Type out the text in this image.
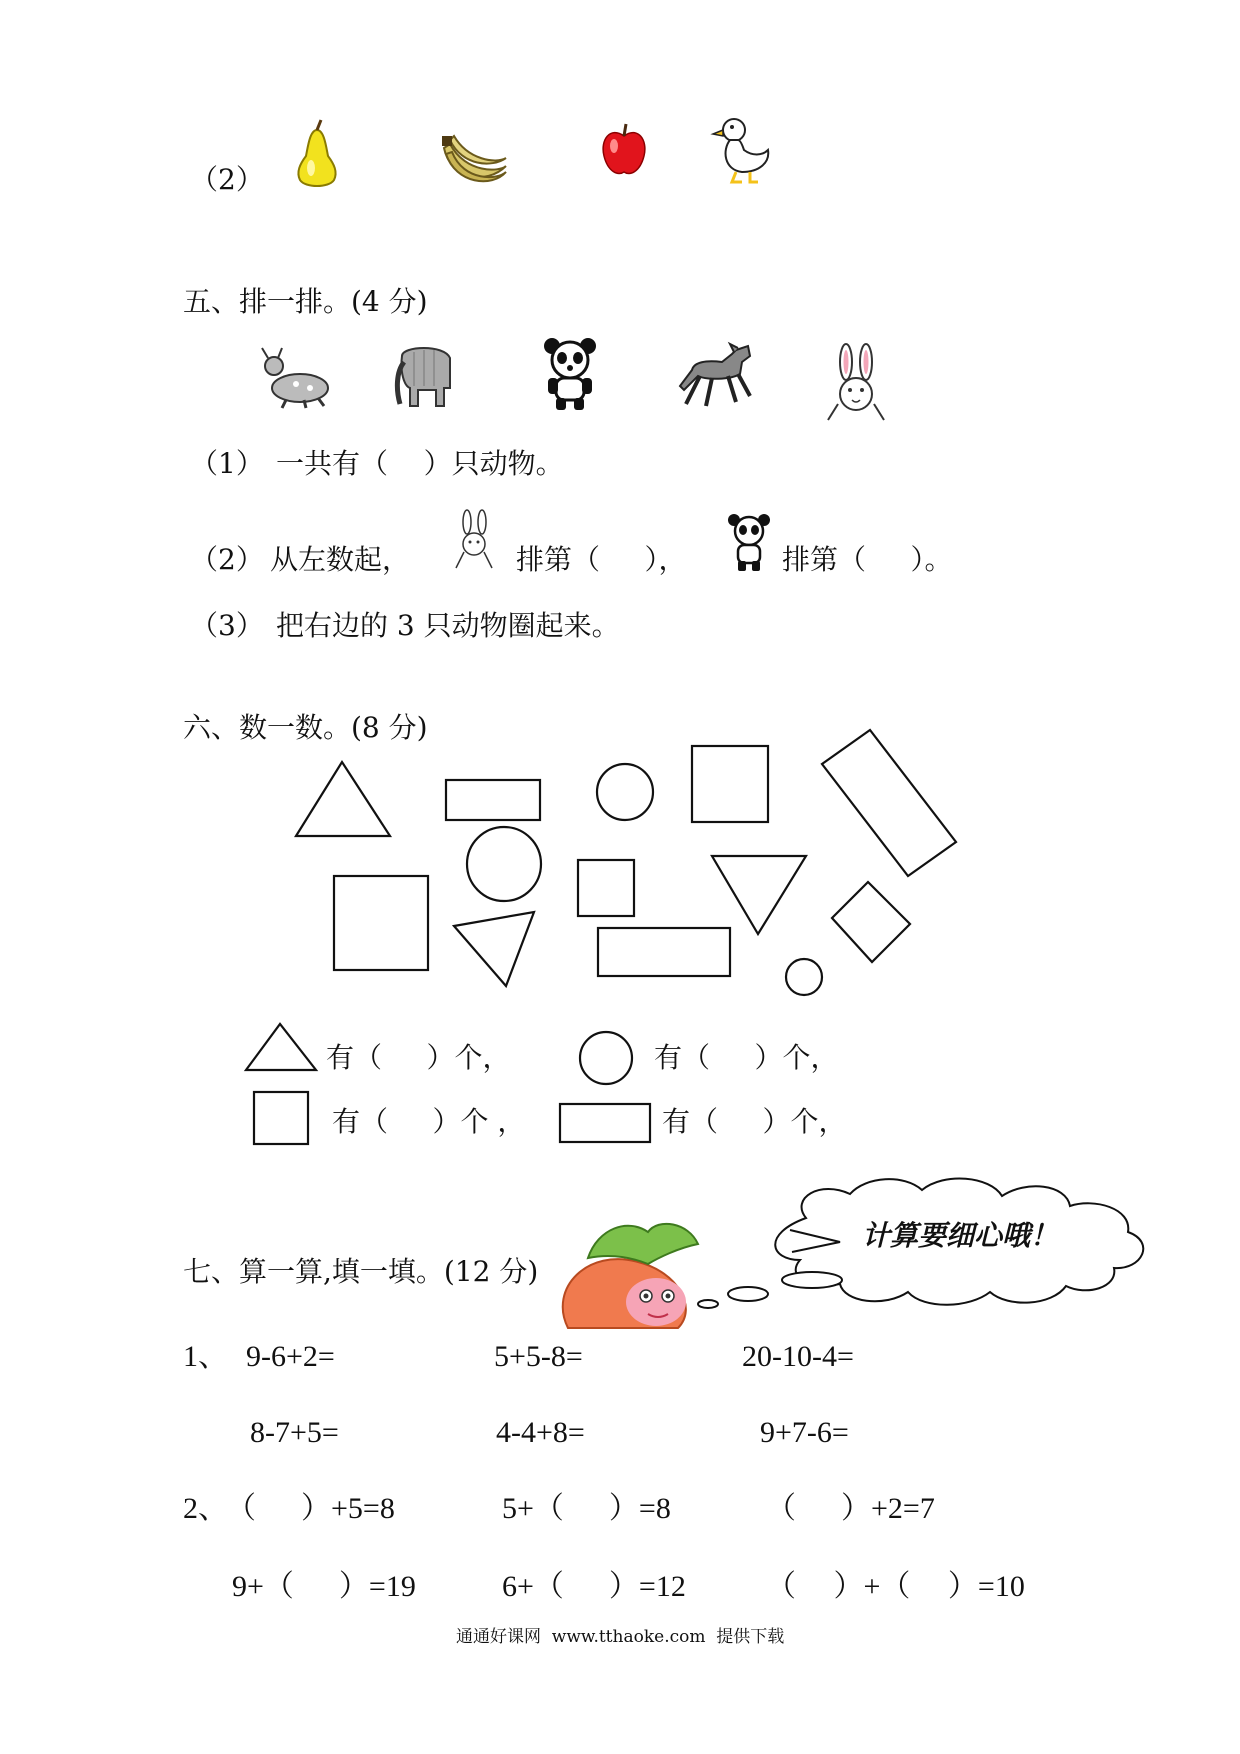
（2）
五、排一排。(4 分)
（1） 一共有（    ）只动物。
（2） 从左数起，	排第（     ），	排第（     ）。
（3） 把右边的 3 只动物圈起来。
六、数一数。(8 分)
有（     ）个，	有（     ）个，
有（     ）个 ，	有（     ）个，
七、算一算,填一填。(12 分)
计算要细心哦！
1、 9-6+2=	5+5-8=	20-10-4=
8-7+5=	4-4+8=	9+7-6=
2、
（      ）+5=8	5+（      ）=8	（      ）+2=7
9+（      ）=19	6+（      ）=12	（     ）+（     ）=10
通通好课网  www.tthaoke.com  提供下载
